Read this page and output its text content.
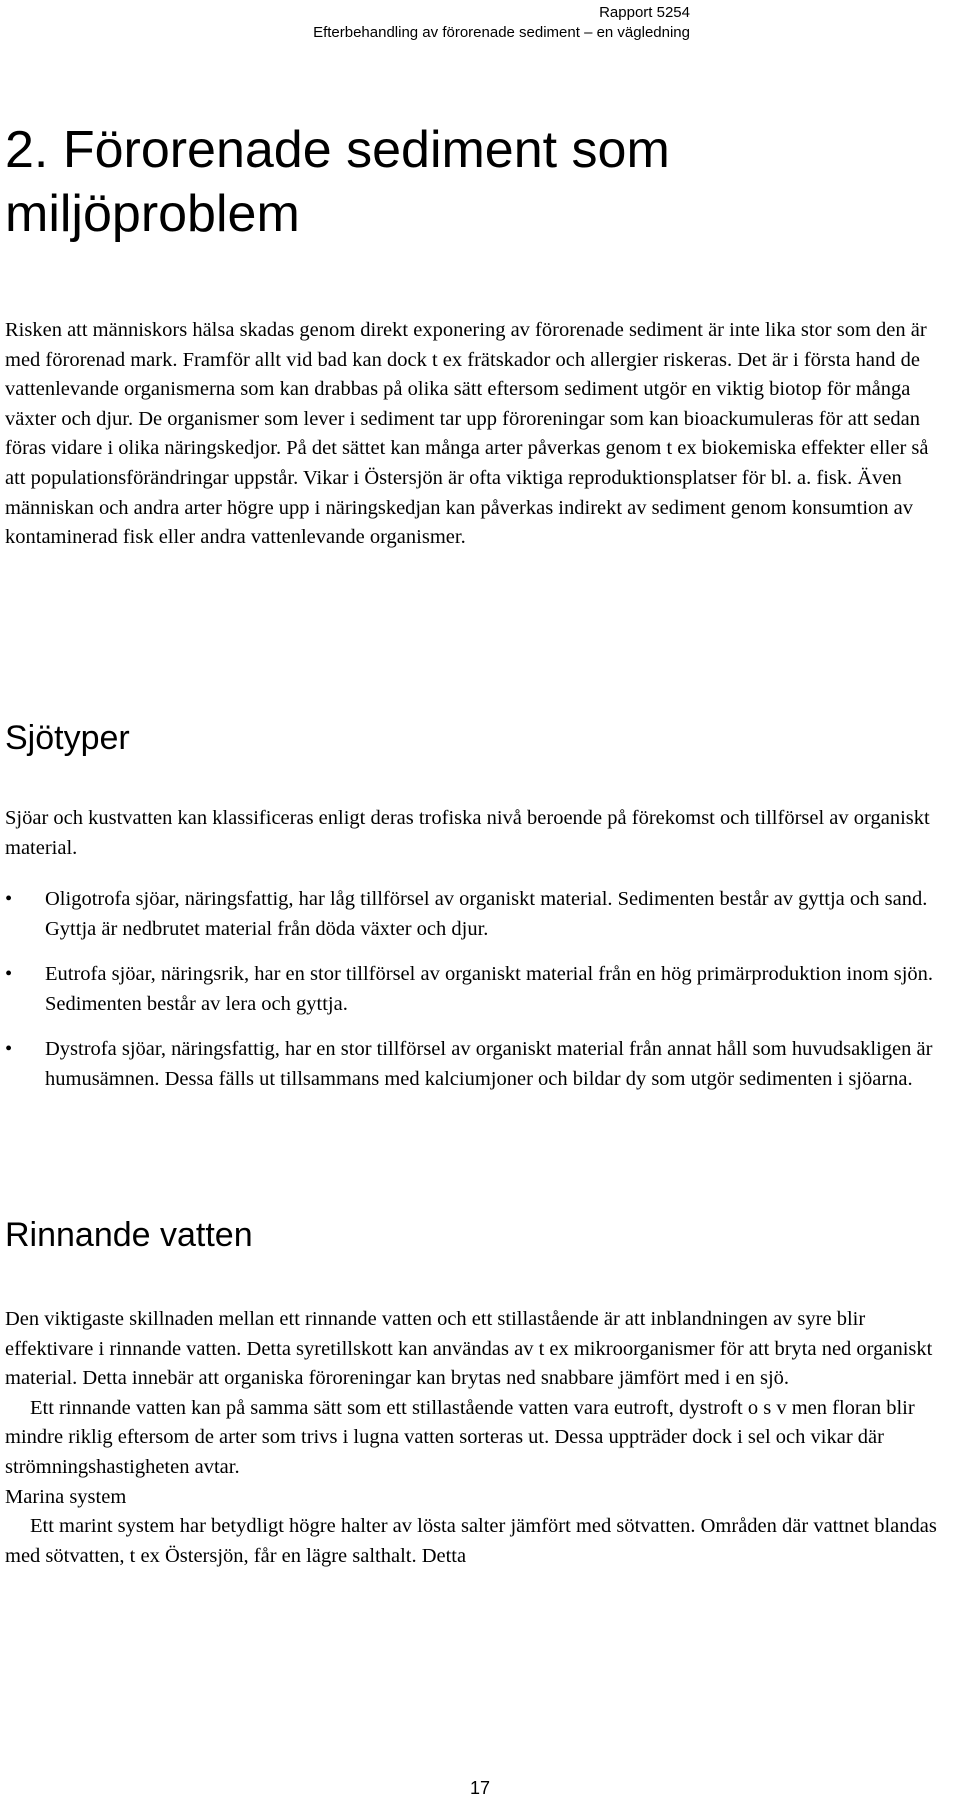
Rapport 5254
Efterbehandling av förorenade sediment – en vägledning
2. Förorenade sediment som miljöproblem

Risken att människors hälsa skadas genom direkt exponering av förorenade sediment är inte lika stor som den är med förorenad mark. Framför allt vid bad kan dock t ex frätskador och allergier riskeras. Det är i första hand de vattenlevande organismerna som kan drabbas på olika sätt eftersom sediment utgör en viktig biotop för många växter och djur. De organismer som lever i sediment tar upp föroreningar som kan bioackumuleras för att sedan föras vidare i olika näringskedjor. På det sättet kan många arter påverkas genom t ex biokemiska effekter eller så att populationsförändringar uppstår. Vikar i Östersjön är ofta viktiga reproduktionsplatser för bl. a. fisk. Även människan och andra arter högre upp i näringskedjan kan påverkas indirekt av sediment genom konsumtion av kontaminerad fisk eller andra vattenlevande organismer.

Sjötyper

Sjöar och kustvatten kan klassificeras enligt deras trofiska nivå beroende på förekomst och tillförsel av organiskt material.

• Oligotrofa sjöar, näringsfattig, har låg tillförsel av organiskt material. Sedimenten består av gyttja och sand. Gyttja är nedbrutet material från döda växter och djur.
• Eutrofa sjöar, näringsrik, har en stor tillförsel av organiskt material från en hög primärproduktion inom sjön. Sedimenten består av lera och gyttja.
• Dystrofa sjöar, näringsfattig, har en stor tillförsel av organiskt material från annat håll som huvudsakligen är humusämnen. Dessa fälls ut tillsammans med kalciumjoner och bildar dy som utgör sedimenten i sjöarna.
Rinnande vatten

Den viktigaste skillnaden mellan ett rinnande vatten och ett stillastående är att inblandningen av syre blir effektivare i rinnande vatten. Detta syretillskott kan användas av t ex mikroorganismer för att bryta ned organiskt material. Detta innebär att organiska föroreningar kan brytas ned snabbare jämfört med i en sjö.

Ett rinnande vatten kan på samma sätt som ett stillastående vatten vara eutroft, dystroft o s v men floran blir mindre riklig eftersom de arter som trivs i lugna vatten sorteras ut. Dessa uppträder dock i sel och vikar där strömningshastigheten avtar.

Marina system

Ett marint system har betydligt högre halter av lösta salter jämfört med sötvatten. Områden där vattnet blandas med sötvatten, t ex Östersjön, får en lägre salthalt. Detta

17
